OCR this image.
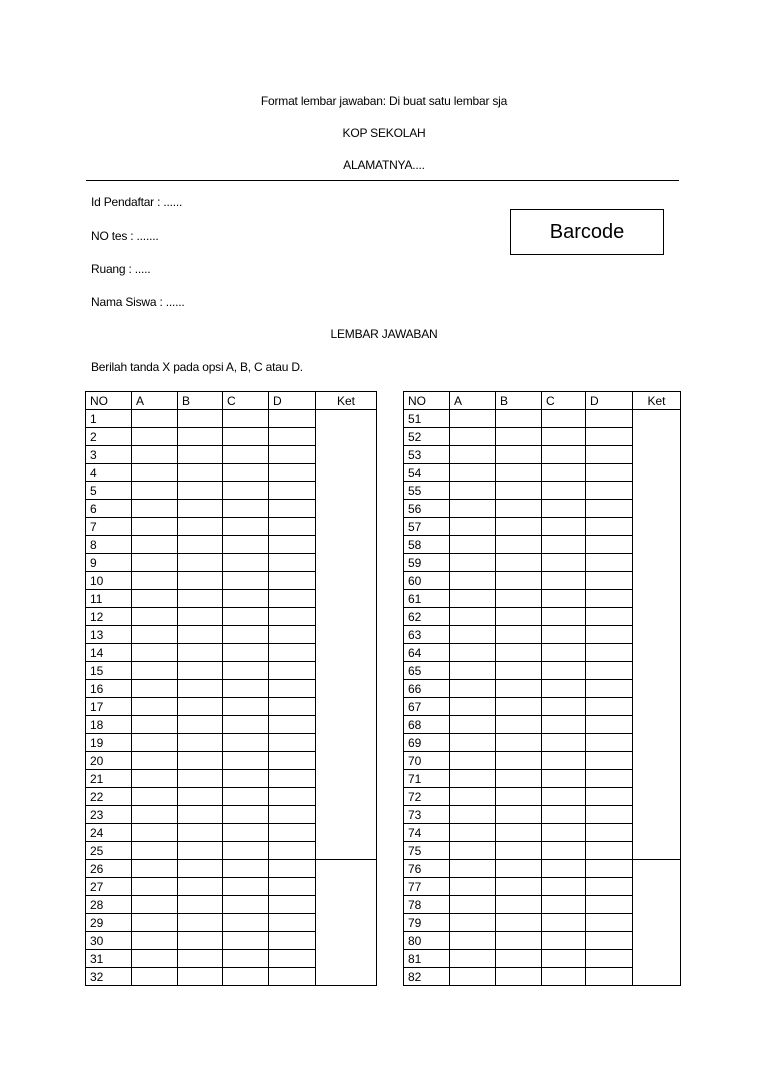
Format lembar jawaban: Di buat satu lembar sja
KOP SEKOLAH
ALAMATNYA....
Id Pendaftar : ......
NO tes : .......
Ruang : .....
Nama Siswa : ......
Barcode
LEMBAR JAWABAN
Berilah tanda X pada opsi A, B, C atau D.
NO	A	B	C	D	Ket
1					
2					
3					
4					
5					
6					
7					
8					
9					
10					
11					
12					
13					
14					
15					
16					
17					
18					
19					
20					
21					
22					
23					
24					
25					
26					
27					
28					
29					
30					
31					
32					
NO	A	B	C	D	Ket
51					
52					
53					
54					
55					
56					
57					
58					
59					
60					
61					
62					
63					
64					
65					
66					
67					
68					
69					
70					
71					
72					
73					
74					
75					
76					
77					
78					
79					
80					
81					
82					
